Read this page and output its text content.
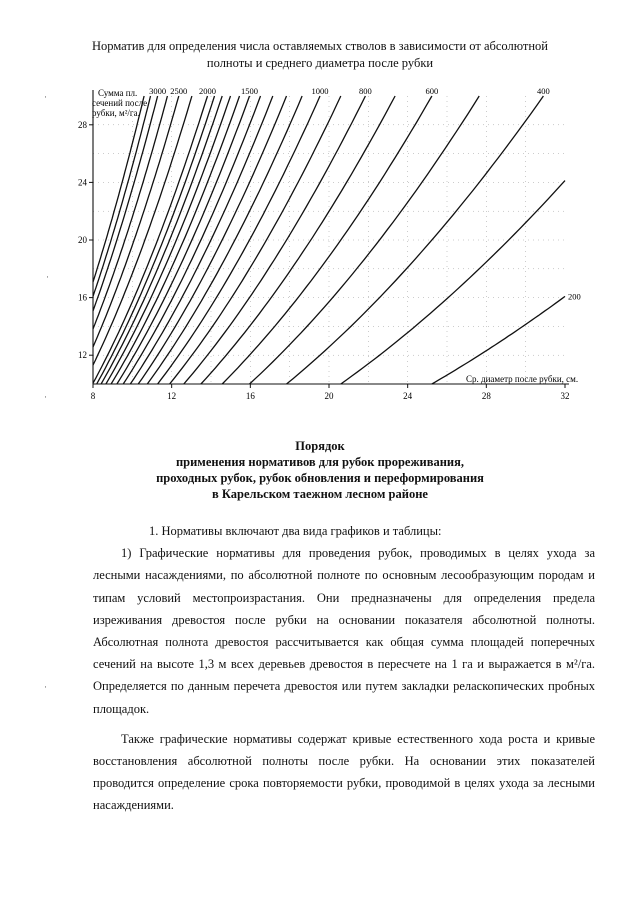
Норматив для определения числа оставляемых стволов в зависимости от абсолютной
полноты и среднего диаметра после рубки
8	12	16	20	24	28	32
12
16
20
24
28
3000 2500 2000	1500	1000	800	600	400
200
Сумма пл.
сечений после
рубки, м²/га.
Ср. диаметр после рубки, см.
Порядок
применения нормативов для рубок прореживания,
проходных рубок, рубок обновления и переформирования
в Карельском таежном лесном районе

1. Нормативы включают два вида графиков и таблицы:

1) Графические нормативы для проведения рубок, проводимых в целях ухода за лесными насаждениями, по абсолютной полноте по основным лесообразующим породам и типам условий местопроизрастания. Они предназначены для определения предела изреживания древостоя после рубки на основании показателя абсолютной полноты. Абсолютная полнота древостоя рассчитывается как общая сумма площадей поперечных сечений на высоте 1,3 м всех деревьев древостоя в пересчете на 1 га и выражается в м²/га. Определяется по данным перечета древостоя или путем закладки реласкопических пробных площадок.

Также графические нормативы содержат кривые естественного хода роста и кривые восстановления абсолютной полноты после рубки. На основании этих показателей проводится определение срока повторяемости рубки, проводимой в целях ухода за лесными насаждениями.

·
·
·
·
